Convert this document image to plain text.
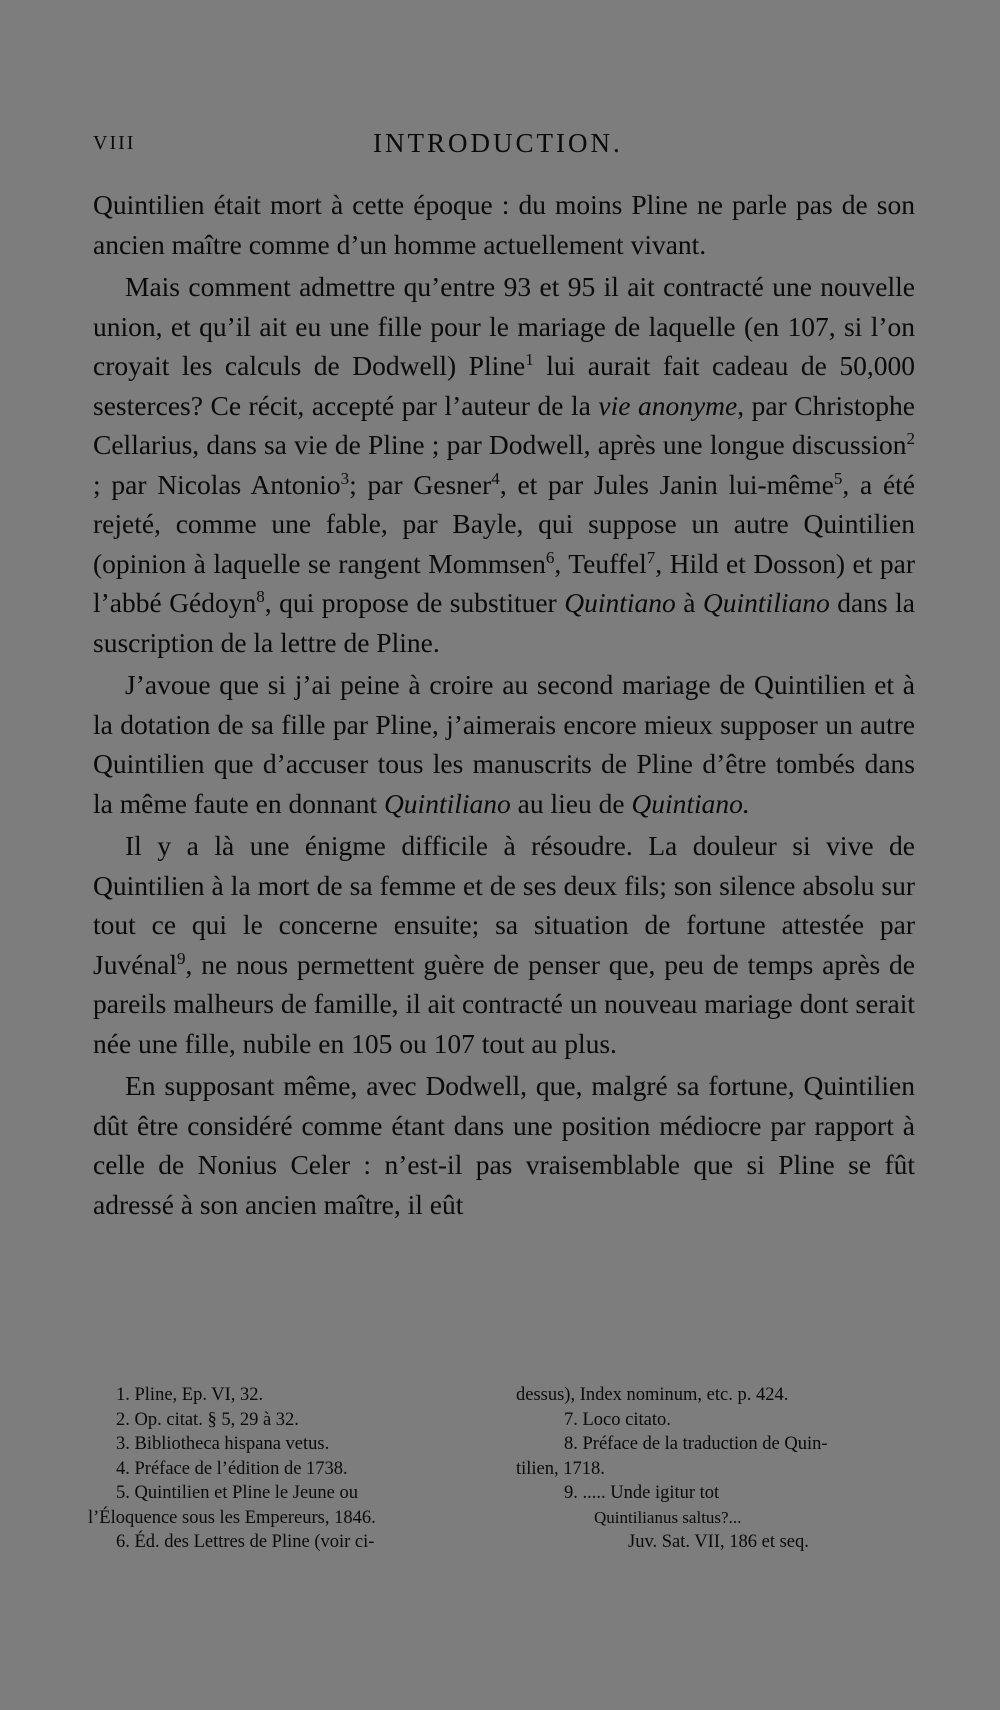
VIII	INTRODUCTION.

Quintilien était mort à cette époque : du moins Pline ne parle pas de son ancien maître comme d’un homme actuellement vivant.

Mais comment admettre qu’entre 93 et 95 il ait contracté une nouvelle union, et qu’il ait eu une fille pour le mariage de laquelle (en 107, si l’on croyait les calculs de Dodwell) Pline$^1$ lui aurait fait cadeau de 50,000 sesterces? Ce récit, accepté par l’auteur de la vie anonyme, par Christophe Cellarius, dans sa vie de Pline ; par Dodwell, après une longue discussion$^2$ ; par Nicolas Antonio$^3$; par Gesner$^4$, et par Jules Janin lui-même$^5$, a été rejeté, comme une fable, par Bayle, qui suppose un autre Quintilien (opinion à laquelle se rangent Mommsen$^6$, Teuffel$^7$, Hild et Dosson) et par l’abbé Gédoyn$^8$, qui propose de substituer Quintiano à Quintiliano dans la suscription de la lettre de Pline.

J’avoue que si j’ai peine à croire au second mariage de Quintilien et à la dotation de sa fille par Pline, j’aimerais encore mieux supposer un autre Quintilien que d’accuser tous les manuscrits de Pline d’être tombés dans la même faute en donnant Quintiliano au lieu de Quintiano.

Il y a là une énigme difficile à résoudre. La douleur si vive de Quintilien à la mort de sa femme et de ses deux fils; son silence absolu sur tout ce qui le concerne ensuite; sa situation de fortune attestée par Juvénal$^9$, ne nous permettent guère de penser que, peu de temps après de pareils malheurs de famille, il ait contracté un nouveau mariage dont serait née une fille, nubile en 105 ou 107 tout au plus.

En supposant même, avec Dodwell, que, malgré sa fortune, Quintilien dût être considéré comme étant dans une position médiocre par rapport à celle de Nonius Celer : n’est-il pas vraisemblable que si Pline se fût adressé à son ancien maître, il eût

1. Pline, Ep. VI, 32.
2. Op. citat. § 5, 29 à 32.
3. Bibliotheca hispana vetus.
4. Préface de l’édition de 1738.
5. Quintilien et Pline le Jeune ou
l’Éloquence sous les Empereurs, 1846.
6. Éd. des Lettres de Pline (voir ci-
dessus), Index nominum, etc. p. 424.
7. Loco citato.
8. Préface de la traduction de Quin-
tilien, 1718.
9. ..... Unde igitur tot
Quintilianus saltus?...
Juv. Sat. VII, 186 et seq.
